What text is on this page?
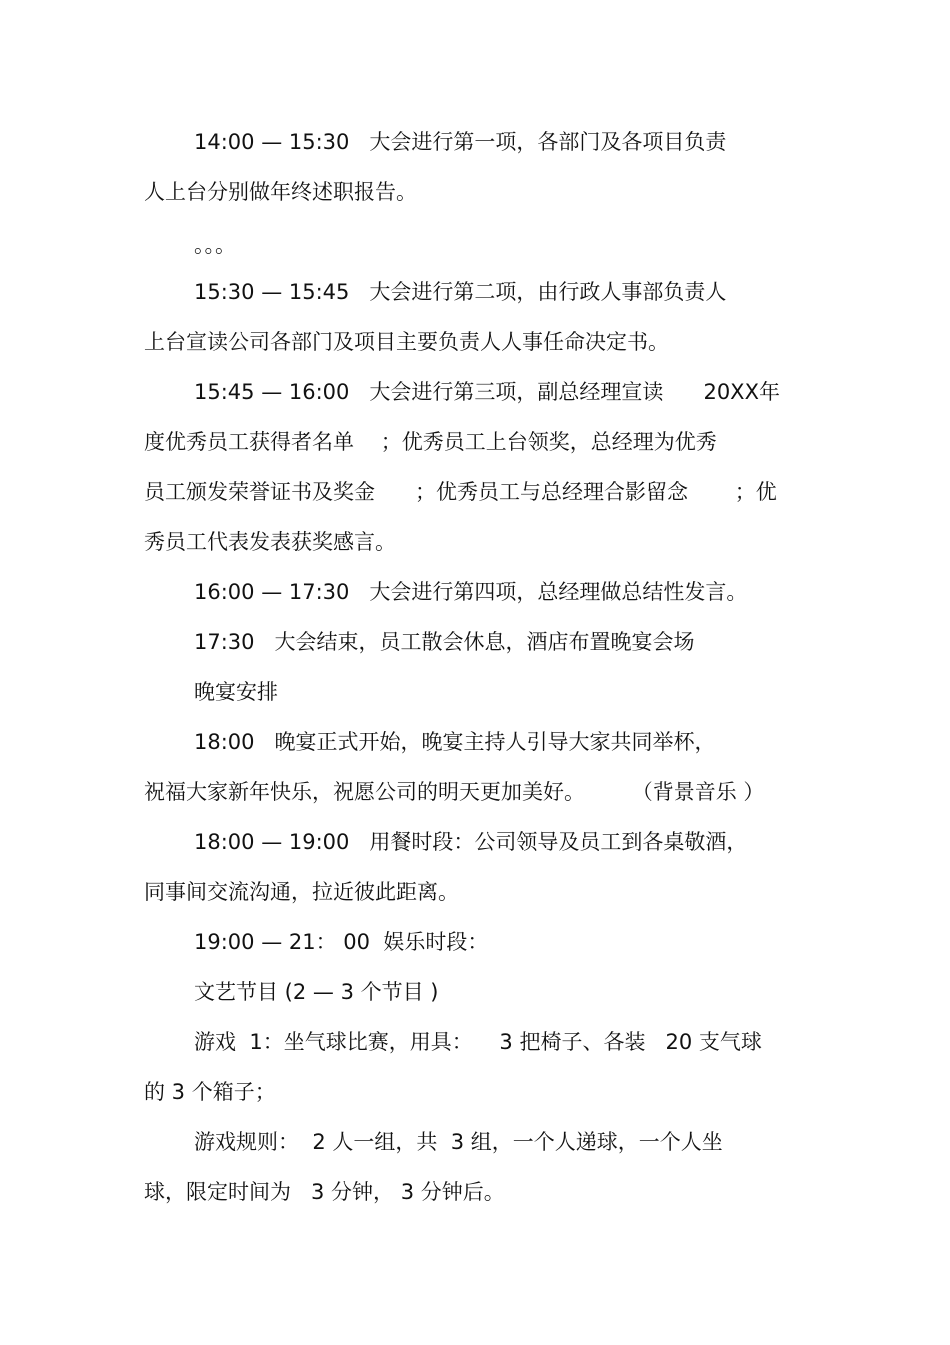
14:00 — 15:30   大会进行第一项，各部门及各项目负责
人上台分别做年终述职报告。
。。。
15:30 — 15:45   大会进行第二项，由行政人事部负责人
上台宣读公司各部门及项目主要负责人人事任命决定书。
15:45 — 16:00   大会进行第三项，副总经理宣读      20XX年
度优秀员工获得者名单    ；优秀员工上台领奖，总经理为优秀
员工颁发荣誉证书及奖金      ；优秀员工与总经理合影留念       ；优
秀员工代表发表获奖感言。
16:00 — 17:30   大会进行第四项，总经理做总结性发言。
17:30   大会结束，员工散会休息，酒店布置晚宴会场
晚宴安排
18:00   晚宴正式开始，晚宴主持人引导大家共同举杯，
祝福大家新年快乐，祝愿公司的明天更加美好。       （背景音乐 ）
18:00 — 19:00   用餐时段：公司领导及员工到各桌敬酒，
同事间交流沟通，拉近彼此距离。
19:00 — 21： 00  娱乐时段：
文艺节目 (2 — 3 个节目 )
游戏  1：坐气球比赛，用具：    3 把椅子、各装   20 支气球
的 3 个箱子；
游戏规则：  2 人一组，共  3 组，一个人递球，一个人坐
球，限定时间为   3 分钟， 3 分钟后。
